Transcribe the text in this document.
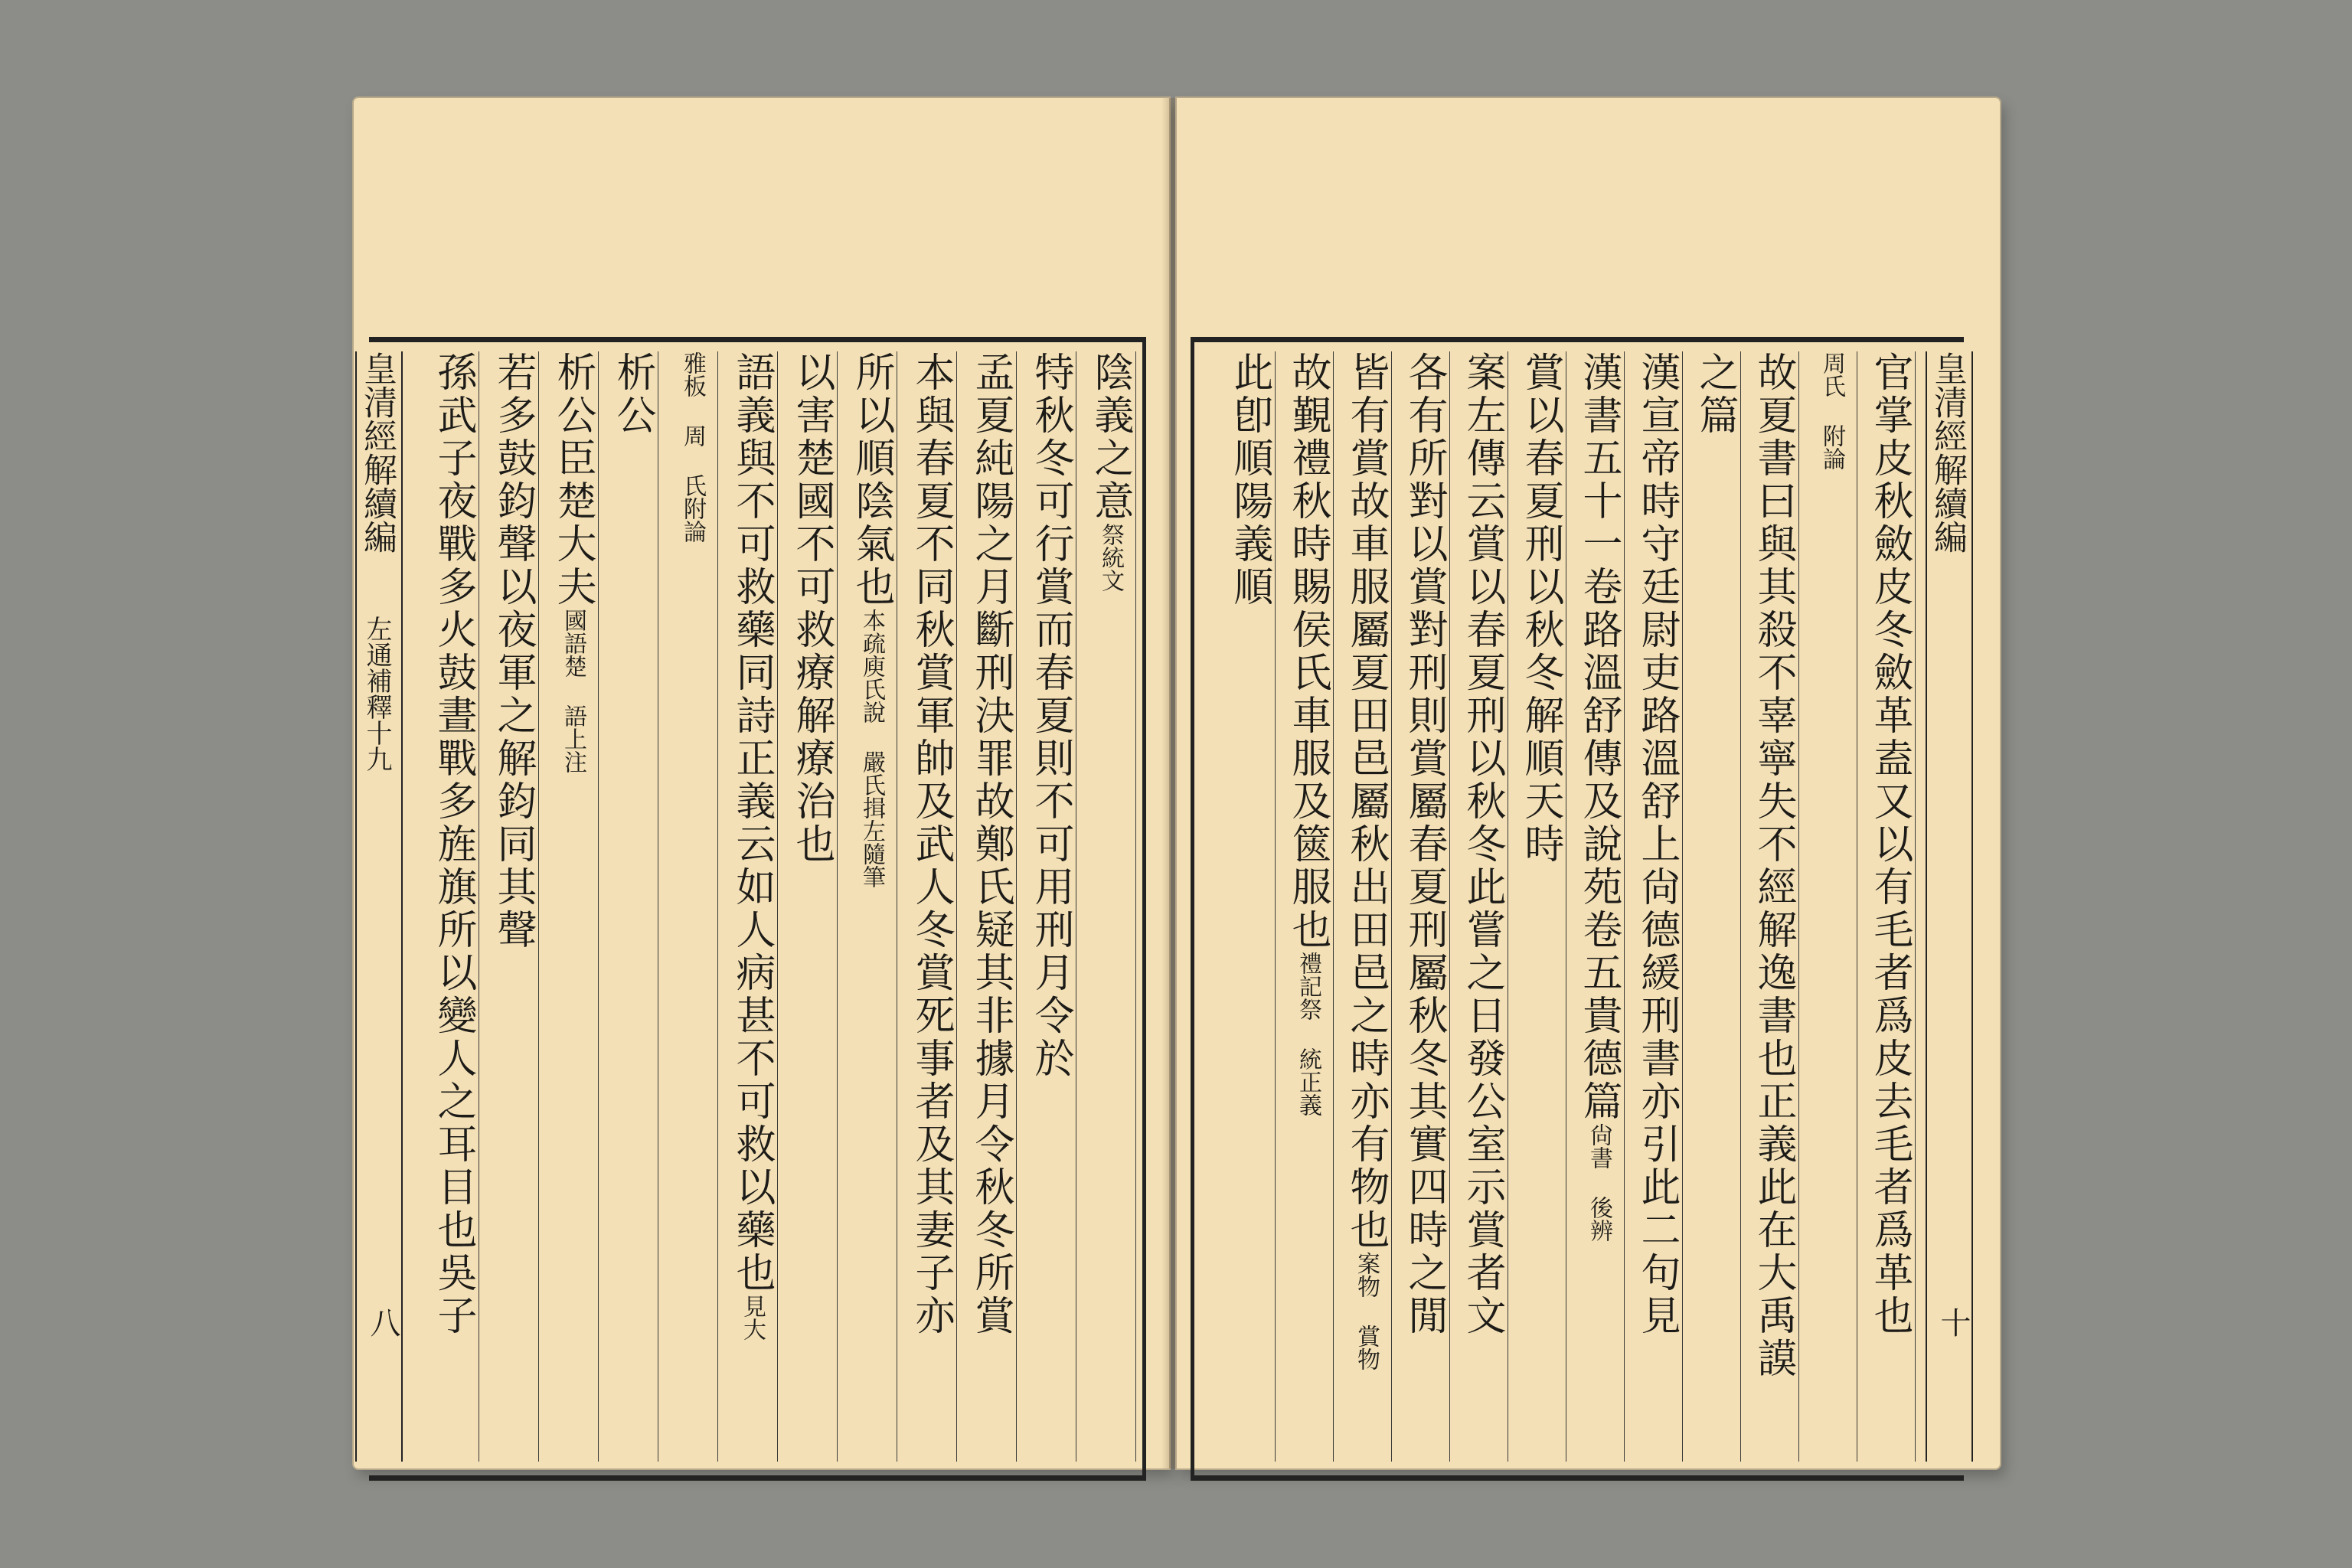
陰義之意祭統文
特秋冬可行賞而春夏則不可用刑月令於
孟夏純陽之月斷刑決罪故鄭氏疑其非據月令秋冬所賞
本與春夏不同秋賞軍帥及武人冬賞死事者及其妻子亦
所以順陰氣也本疏庾氏說 嚴氏揖左隨筆
以害楚國不可救療解療治也
語義與不可救藥同詩正義云如人病甚不可救以藥也見大
雅板 周 氏附論
析公
析公臣楚大夫國語楚 語上注
若多鼓鈞聲以夜軍之解鈞同其聲
孫武子夜戰多火鼓晝戰多旌旗所以變人之耳目也吳子
皇清經解續編 左通補釋十九
八	官掌皮秋斂皮冬斂革盍又以有毛者爲皮去毛者爲革也
周氏 附論
故夏書曰與其殺不辜寧失不經解逸書也正義此在大禹謨
之篇
漢宣帝時守廷尉吏路溫舒上尙德緩刑書亦引此二句見
漢書五十一卷路溫舒傳及說苑卷五貴德篇尙書 後辨
賞以春夏刑以秋冬解順天時
案左傳云賞以春夏刑以秋冬此嘗之日發公室示賞者文
各有所對以賞對刑則賞屬春夏刑屬秋冬其實四時之閒
皆有賞故車服屬夏田邑屬秋出田邑之時亦有物也案物 賞物
故覲禮秋時賜侯氏車服及篋服也禮記祭 統正義
此卽順陽義順	皇清經解續編
十
